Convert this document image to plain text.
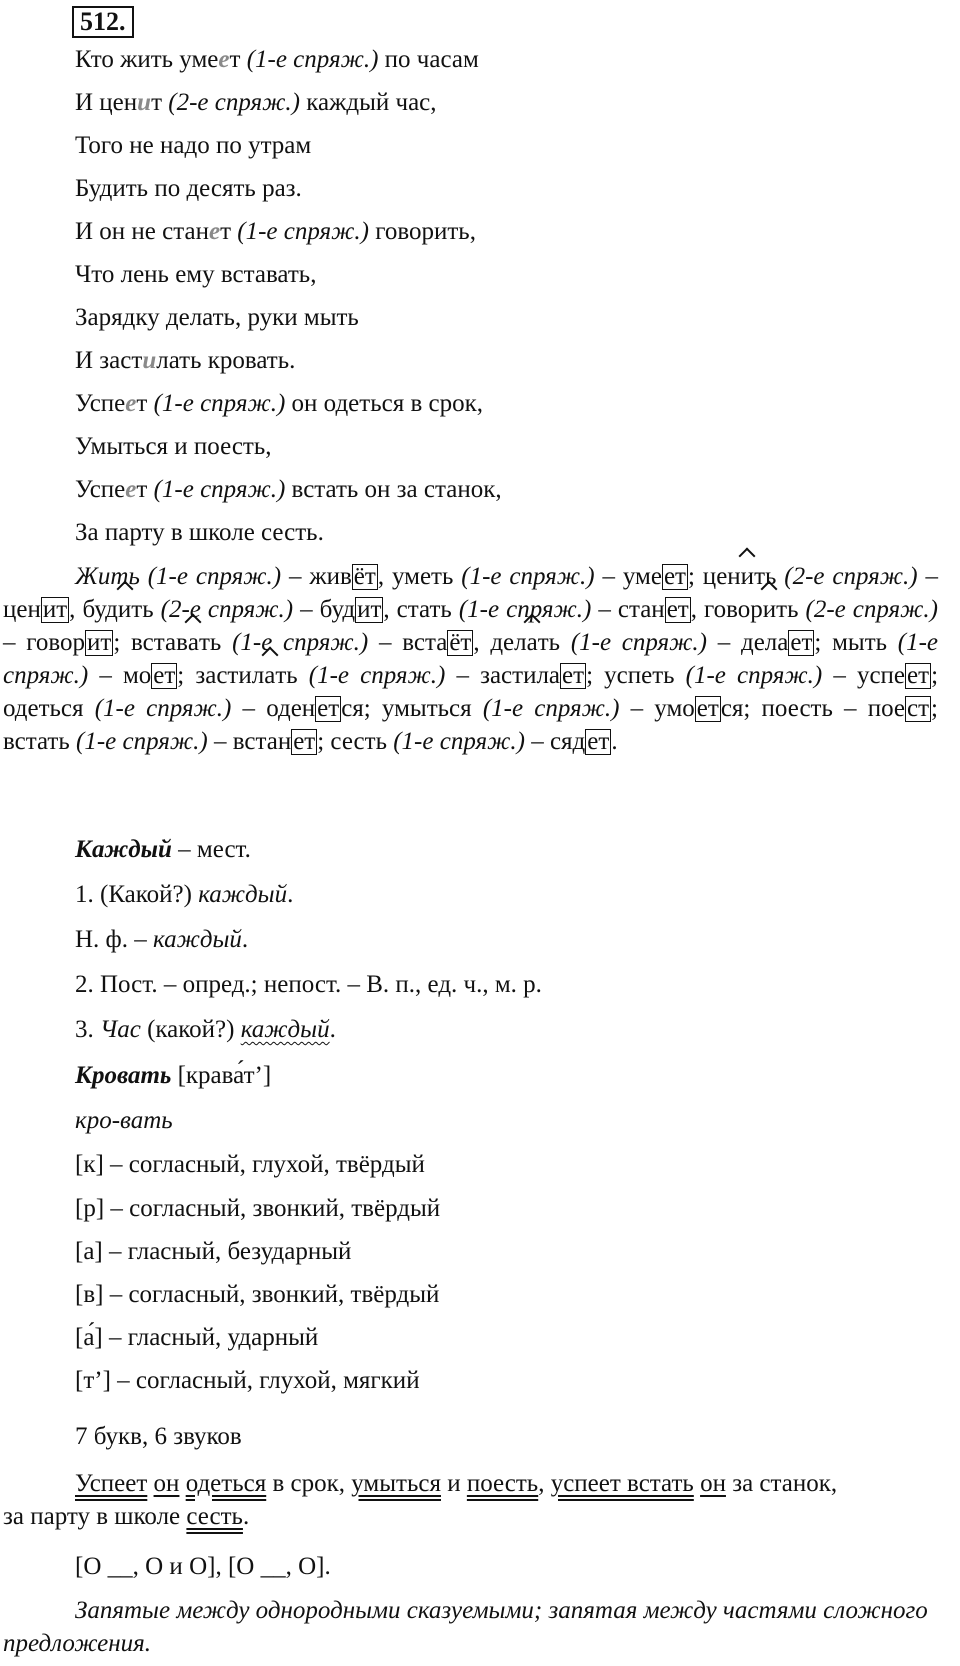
512.
Кто жить умеет (1-е спряж.) по часам
И ценит (2-е спряж.) каждый час,
Того не надо по утрам
Будить по десять раз.
И он не станет (1-е спряж.) говорить,
Что лень ему вставать,
Зарядку делать, руки мыть
И застилать кровать.
Успеет (1-е спряж.) он одеться в срок,
Умыться и поесть,
Успеет (1-е спряж.) встать он за станок,
За парту в школе сесть.
Жить (1-е спряж.) – живёт, уметь (1-е спряж.) – умеет; ценить (2-е спряж.) – ценит, будить (2-е спряж.) – будит, стать (1-е спряж.) – станет, говорить (2-е спряж.) – говорит; вставать (1-е спряж.) – встаёт, делать (1-е спряж.) – делает; мыть (1-е спряж.) – моет; застилать (1-е спряж.) – застилает; успеть (1-е спряж.) – успеет; одеться (1-е спряж.) – оденется; умыться (1-е спряж.) – умоется; поесть – поест; встать (1-е спряж.) – встанет; сесть (1-е спряж.) – сядет.
Каждый – мест.
1. (Какой?) каждый.
Н. ф. – каждый.
2. Пост. – опред.; непост. – В. п., ед. ч., м. р.
3. Час (какой?) каждый.
Кровать [крава́т’]
кро-вать
[к] – согласный, глухой, твёрдый
[р] – согласный, звонкий, твёрдый
[а] – гласный, безударный
[в] – согласный, звонкий, твёрдый
[а́] – гласный, ударный
[т’] – согласный, глухой, мягкий
7 букв, 6 звуков
Успеет он одеться в срок, умыться и поесть, успеет встать он за станок,
за парту в школе сесть.
[О __, О и О], [О __, О].
Запятые между однородными сказуемыми; запятая между частями сложного предложения.
